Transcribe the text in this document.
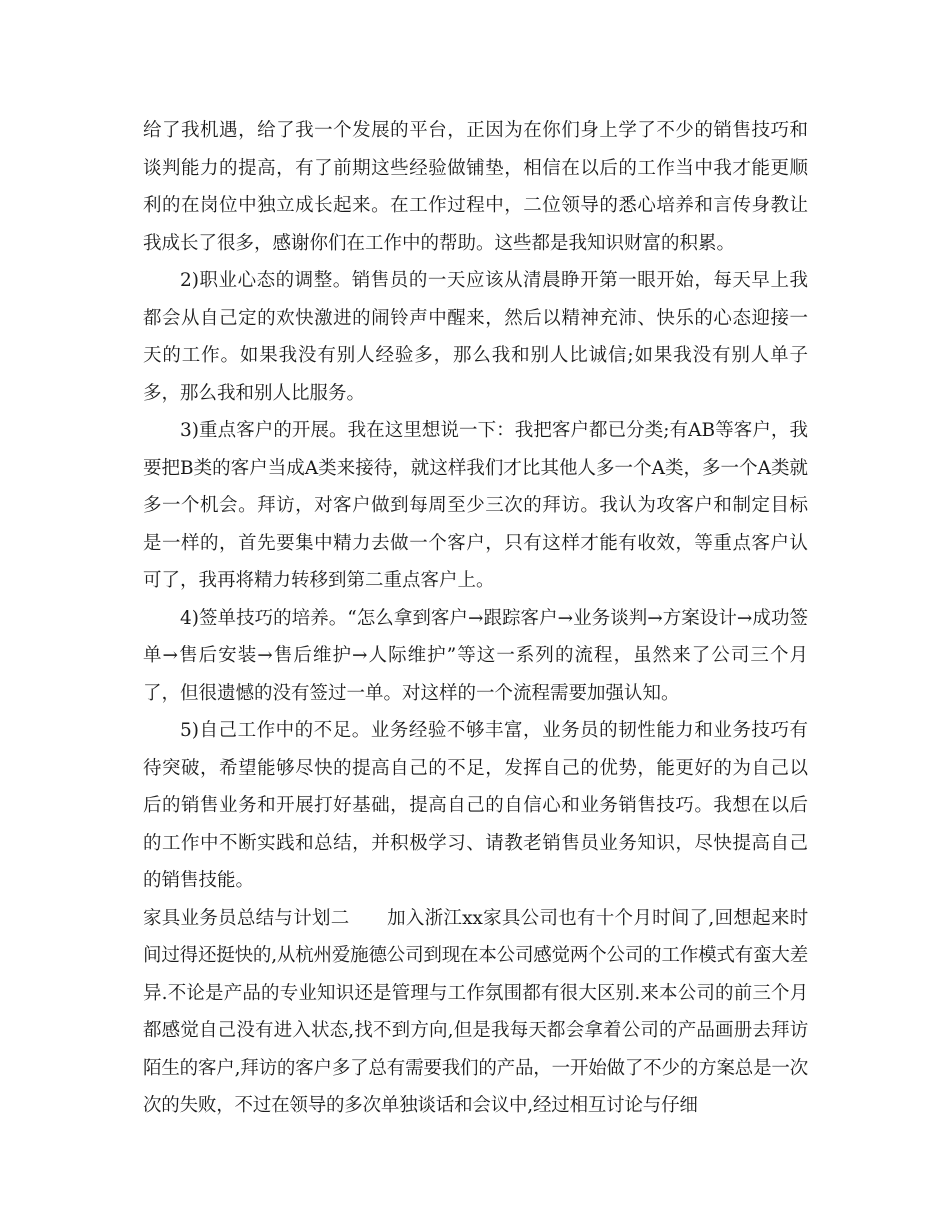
给了我机遇，给了我一个发展的平台，正因为在你们身上学了不少的销售技巧和谈判能力的提高，有了前期这些经验做铺垫，相信在以后的工作当中我才能更顺利的在岗位中独立成长起来。在工作过程中，二位领导的悉心培养和言传身教让我成长了很多，感谢你们在工作中的帮助。这些都是我知识财富的积累。

2)职业心态的调整。销售员的一天应该从清晨睁开第一眼开始，每天早上我都会从自己定的欢快激进的闹铃声中醒来，然后以精神充沛、快乐的心态迎接一天的工作。如果我没有别人经验多，那么我和别人比诚信;如果我没有别人单子多，那么我和别人比服务。

3)重点客户的开展。我在这里想说一下：我把客户都已分类;有AB等客户，我要把B类的客户当成A类来接待，就这样我们才比其他人多一个A类，多一个A类就多一个机会。拜访，对客户做到每周至少三次的拜访。我认为攻客户和制定目标是一样的，首先要集中精力去做一个客户，只有这样才能有收效，等重点客户认可了，我再将精力转移到第二重点客户上。

4)签单技巧的培养。“怎么拿到客户→跟踪客户→业务谈判→方案设计→成功签单→售后安装→售后维护→人际维护”等这一系列的流程，虽然来了公司三个月了，但很遗憾的没有签过一单。对这样的一个流程需要加强认知。

5)自己工作中的不足。业务经验不够丰富，业务员的韧性能力和业务技巧有待突破，希望能够尽快的提高自己的不足，发挥自己的优势，能更好的为自己以后的销售业务和开展打好基础，提高自己的自信心和业务销售技巧。我想在以后的工作中不断实践和总结，并积极学习、请教老销售员业务知识，尽快提高自己的销售技能。

家具业务员总结与计划二　　加入浙江xx家具公司也有十个月时间了,回想起来时间过得还挺快的,从杭州爱施德公司到现在本公司感觉两个公司的工作模式有蛮大差异.不论是产品的专业知识还是管理与工作氛围都有很大区别.来本公司的前三个月都感觉自己没有进入状态,找不到方向,但是我每天都会拿着公司的产品画册去拜访陌生的客户,拜访的客户多了总有需要我们的产品，一开始做了不少的方案总是一次次的失败，不过在领导的多次单独谈话和会议中,经过相互讨论与仔细
